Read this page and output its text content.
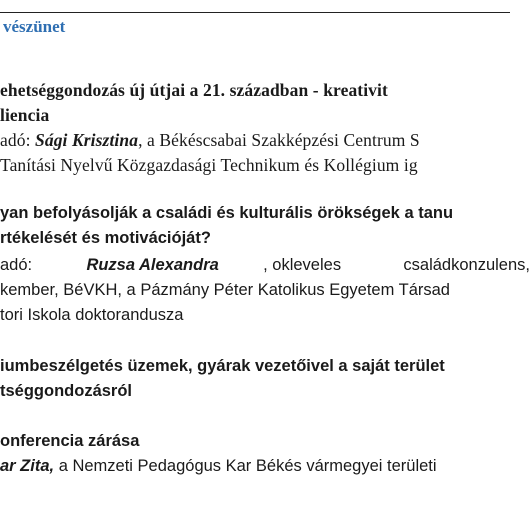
vészünet
ehetséggondozás új útjai a 21. században - kreativit
liencia
adó: Sági Krisztina, a Békéscsabai Szakképzési Centrum S
Tanítási Nyelvű Közgazdasági Technikum és Kollégium ig
yan befolyásolják a családi és kulturális örökségek a tanu
rtékelését és motivációját?
adó:	Ruzsa Alexandra	, okleveles	családkonzulens,
kember, BéVKH, a Pázmány Péter Katolikus Egyetem Társad
tori Iskola doktorandusza
iumbeszélgetés üzemek, gyárak vezetőivel a saját terület
tséggondozásról
onferencia zárása
ar Zita, a Nemzeti Pedagógus Kar Békés vármegyei területi
